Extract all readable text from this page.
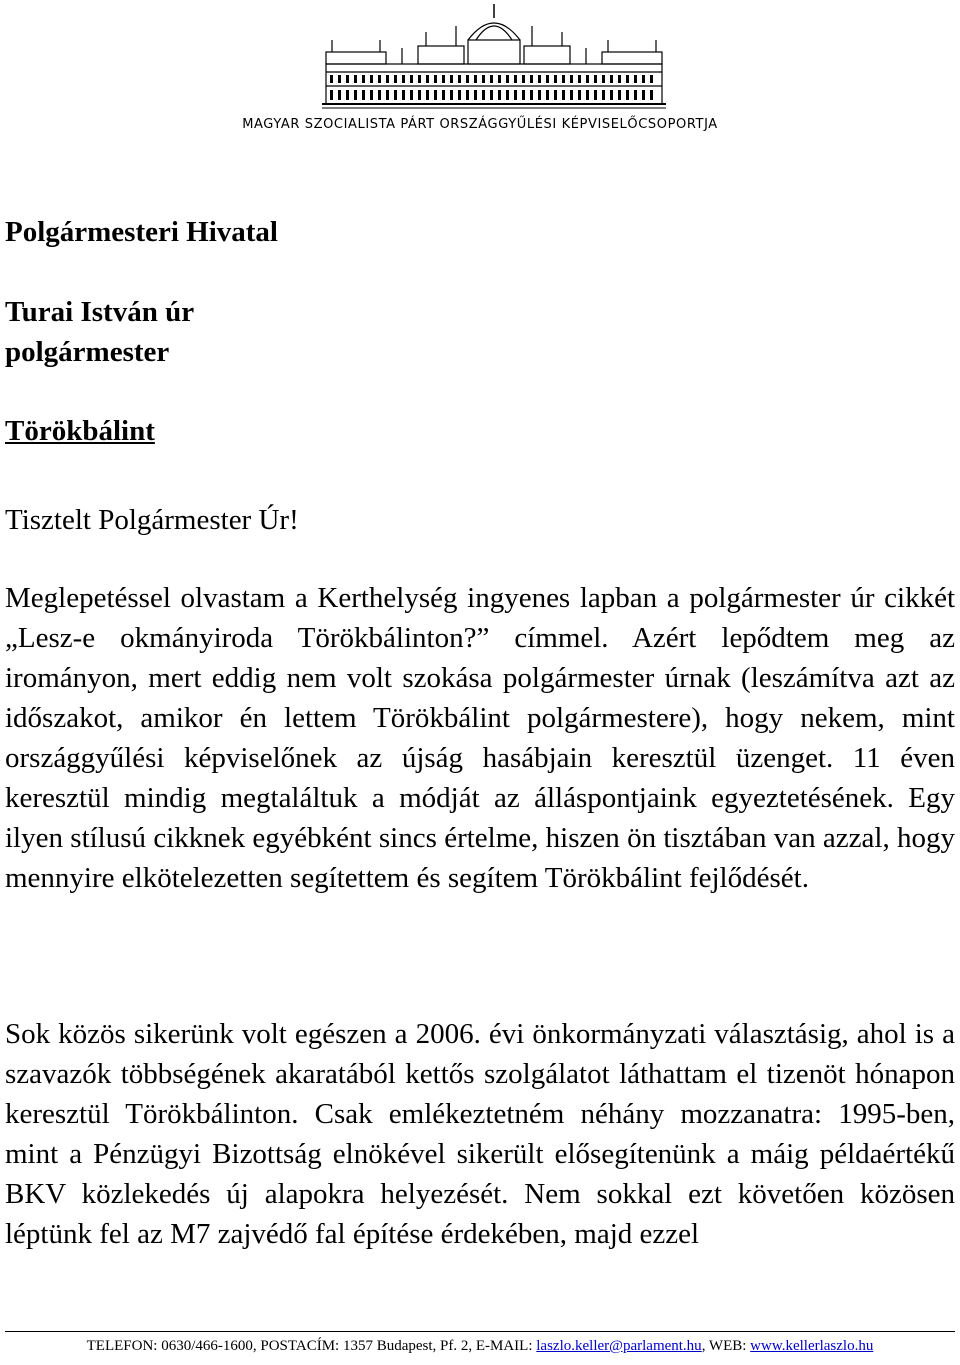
MAGYAR SZOCIALISTA PÁRT ORSZÁGGYŰLÉSI KÉPVISELŐCSOPORTJA

Polgármesteri Hivatal

Turai István úr
polgármester

Törökbálint

Tisztelt Polgármester Úr!

Meglepetéssel olvastam a Kerthelység ingyenes lapban a polgármester úr cikkét „Lesz-e okmányiroda Törökbálinton?” címmel. Azért lepődtem meg az irományon, mert eddig nem volt szokása polgármester úrnak (leszámítva azt az időszakot, amikor én lettem Törökbálint polgármestere), hogy nekem, mint országgyűlési képviselőnek az újság hasábjain keresztül üzenget. 11 éven keresztül mindig megtaláltuk a módját az álláspontjaink egyeztetésének. Egy ilyen stílusú cikknek egyébként sincs értelme, hiszen ön tisztában van azzal, hogy mennyire elkötelezetten segítettem és segítem Törökbálint fejlődését.

Sok közös sikerünk volt egészen a 2006. évi önkormányzati választásig, ahol is a szavazók többségének akaratából kettős szolgálatot láthattam el tizenöt hónapon keresztül Törökbálinton. Csak emlékeztetném néhány mozzanatra: 1995-ben, mint a Pénzügyi Bizottság elnökével sikerült elősegítenünk a máig példaértékű BKV közlekedés új alapokra helyezését. Nem sokkal ezt követően közösen léptünk fel az M7 zajvédő fal építése érdekében, majd ezzel

TELEFON: 0630/466-1600, POSTACÍM: 1357 Budapest, Pf. 2, E-MAIL: laszlo.keller@parlament.hu, WEB: www.kellerlaszlo.hu
